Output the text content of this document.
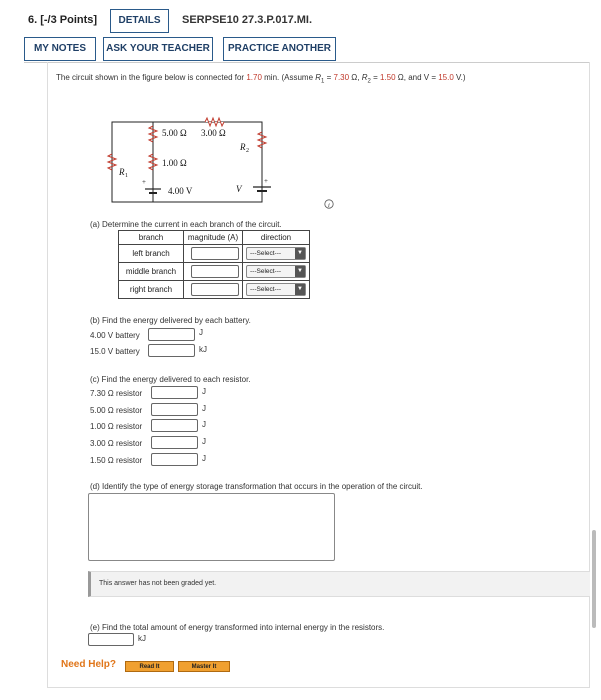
6. [-/3 Points]	DETAILS	SERPSE10 27.3.P.017.MI.
MY NOTES	ASK YOUR TEACHER	PRACTICE ANOTHER
The circuit shown in the figure below is connected for 1.70 min. (Assume $R_1 = 7.30$ Ω, $R_2 = 1.50$ Ω, and V = 15.0 V.)
5.00 Ω 3.00 Ω
1.00 Ω
4.00 V
R 1
R 2
V
+	+
i
(a) Determine the current in each branch of the circuit.
branch	magnitude (A)	direction
left branch		---Select--- ▼

middle branch		---Select--- ▼

right branch		---Select--- ▼
(b) Find the energy delivered by each battery.
4.00 V battery	J
15.0 V battery	kJ
(c) Find the energy delivered to each resistor.
7.30 Ω resistor	J
5.00 Ω resistor	J
1.00 Ω resistor	J
3.00 Ω resistor	J
1.50 Ω resistor	J
(d) Identify the type of energy storage transformation that occurs in the operation of the circuit.
This answer has not been graded yet.
(e) Find the total amount of energy transformed into internal energy in the resistors.
kJ
Need Help?	Read It	Master It
